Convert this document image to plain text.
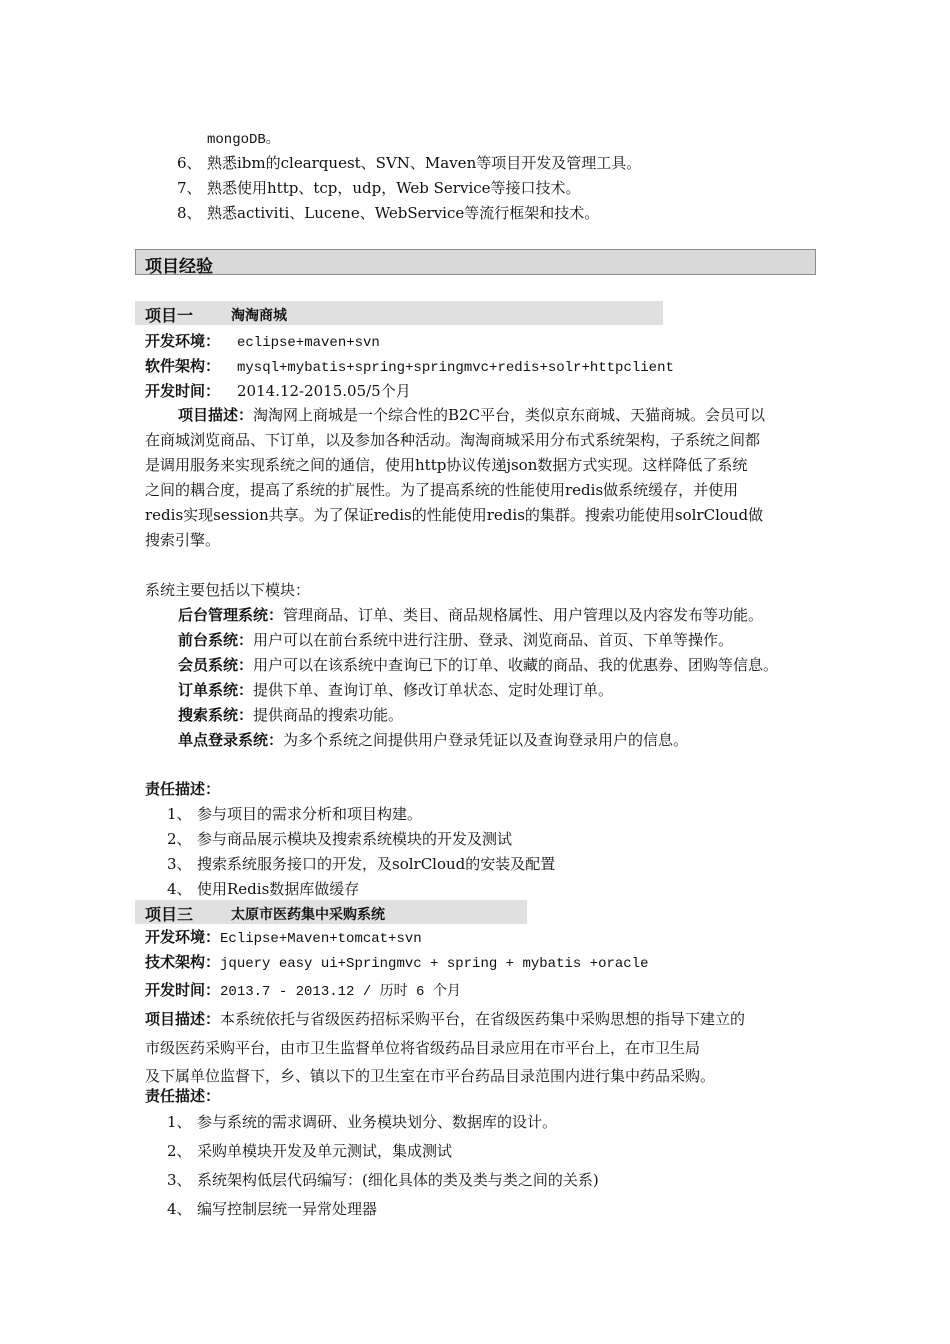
mongoDB。
6、 熟悉ibm的clearquest、SVN、Maven等项目开发及管理工具。
7、 熟悉使用http、tcp，udp，Web Service等接口技术。
8、 熟悉activiti、Lucene、WebService等流行框架和技术。
项目经验
项目一	淘淘商城
开发环境： eclipse+maven+svn
软件架构： mysql+mybatis+spring+springmvc+redis+solr+httpclient
开发时间： 2014.12-2015.05/5个月
项目描述：淘淘网上商城是一个综合性的B2C平台，类似京东商城、天猫商城。会员可以
在商城浏览商品、下订单，以及参加各种活动。淘淘商城采用分布式系统架构，子系统之间都
是调用服务来实现系统之间的通信，使用http协议传递json数据方式实现。这样降低了系统
之间的耦合度，提高了系统的扩展性。为了提高系统的性能使用redis做系统缓存，并使用
redis实现session共享。为了保证redis的性能使用redis的集群。搜索功能使用solrCloud做
搜索引擎。
系统主要包括以下模块：
后台管理系统：管理商品、订单、类目、商品规格属性、用户管理以及内容发布等功能。
前台系统：用户可以在前台系统中进行注册、登录、浏览商品、首页、下单等操作。
会员系统：用户可以在该系统中查询已下的订单、收藏的商品、我的优惠券、团购等信息。
订单系统：提供下单、查询订单、修改订单状态、定时处理订单。
搜索系统：提供商品的搜索功能。
单点登录系统：为多个系统之间提供用户登录凭证以及查询登录用户的信息。
责任描述：
1、 参与项目的需求分析和项目构建。
2、 参与商品展示模块及搜索系统模块的开发及测试
3、 搜索系统服务接口的开发，及solrCloud的安装及配置
4、 使用Redis数据库做缓存
项目三	太原市医药集中采购系统
开发环境：Eclipse+Maven+tomcat+svn
技术架构：jquery easy ui+Springmvc + spring + mybatis +oracle
开发时间：2013.7 - 2013.12 / 历时 6 个月
项目描述：本系统依托与省级医药招标采购平台，在省级医药集中采购思想的指导下建立的
市级医药采购平台，由市卫生监督单位将省级药品目录应用在市平台上，在市卫生局
及下属单位监督下，乡、镇以下的卫生室在市平台药品目录范围内进行集中药品采购。
责任描述：
1、 参与系统的需求调研、业务模块划分、数据库的设计。
2、 采购单模块开发及单元测试，集成测试
3、 系统架构低层代码编写：(细化具体的类及类与类之间的关系)
4、 编写控制层统一异常处理器
